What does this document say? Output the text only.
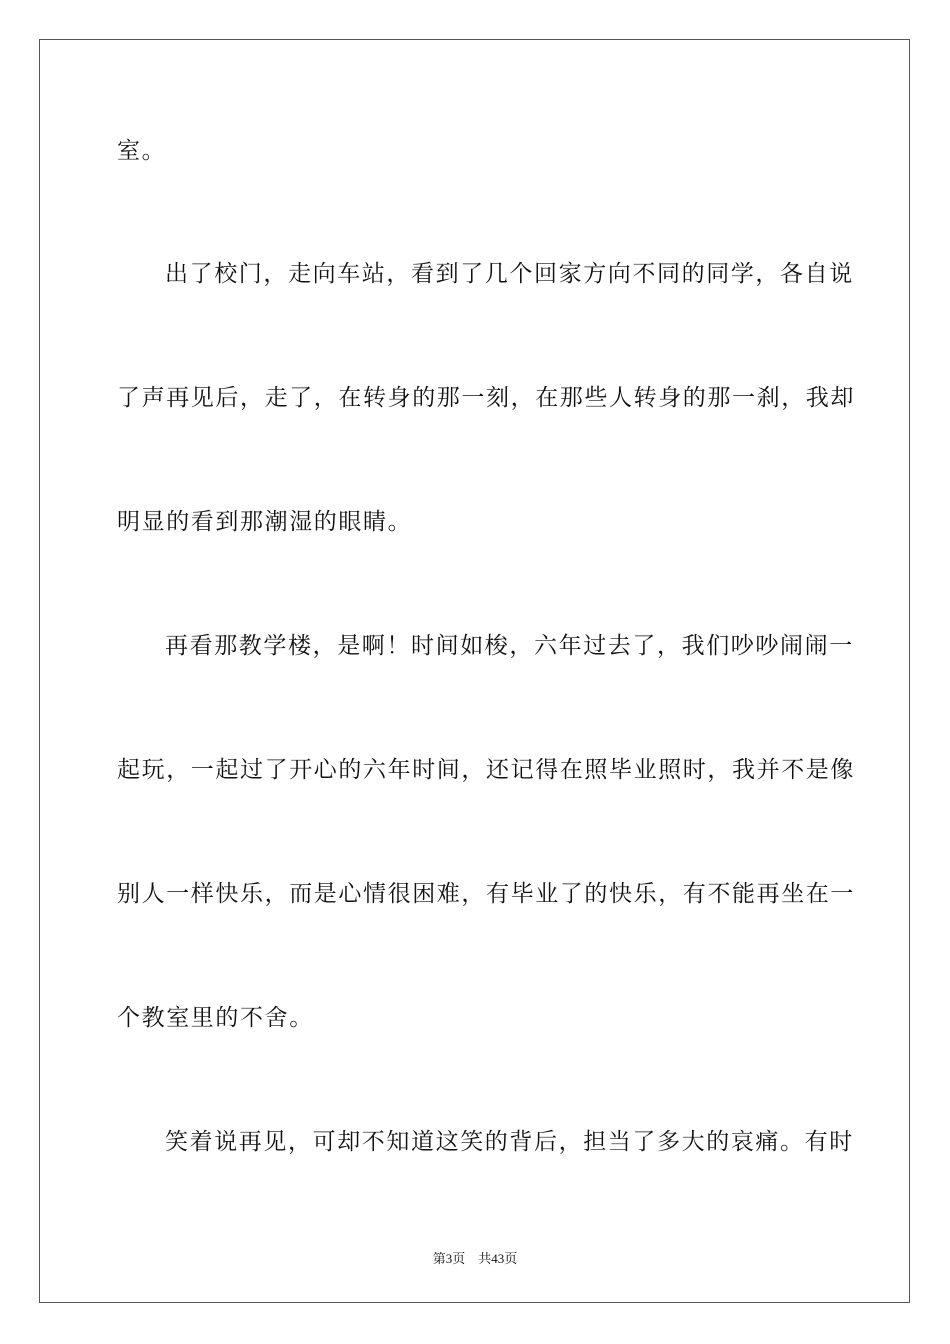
室。
出了校门，走向车站，看到了几个回家方向不同的同学，各自说
了声再见后，走了，在转身的那一刻，在那些人转身的那一刹，我却
明显的看到那潮湿的眼睛。
再看那教学楼，是啊！时间如梭，六年过去了，我们吵吵闹闹一
起玩，一起过了开心的六年时间，还记得在照毕业照时，我并不是像
别人一样快乐，而是心情很困难，有毕业了的快乐，有不能再坐在一
个教室里的不舍。
笑着说再见，可却不知道这笑的背后，担当了多大的哀痛。有时
第3页 共43页
